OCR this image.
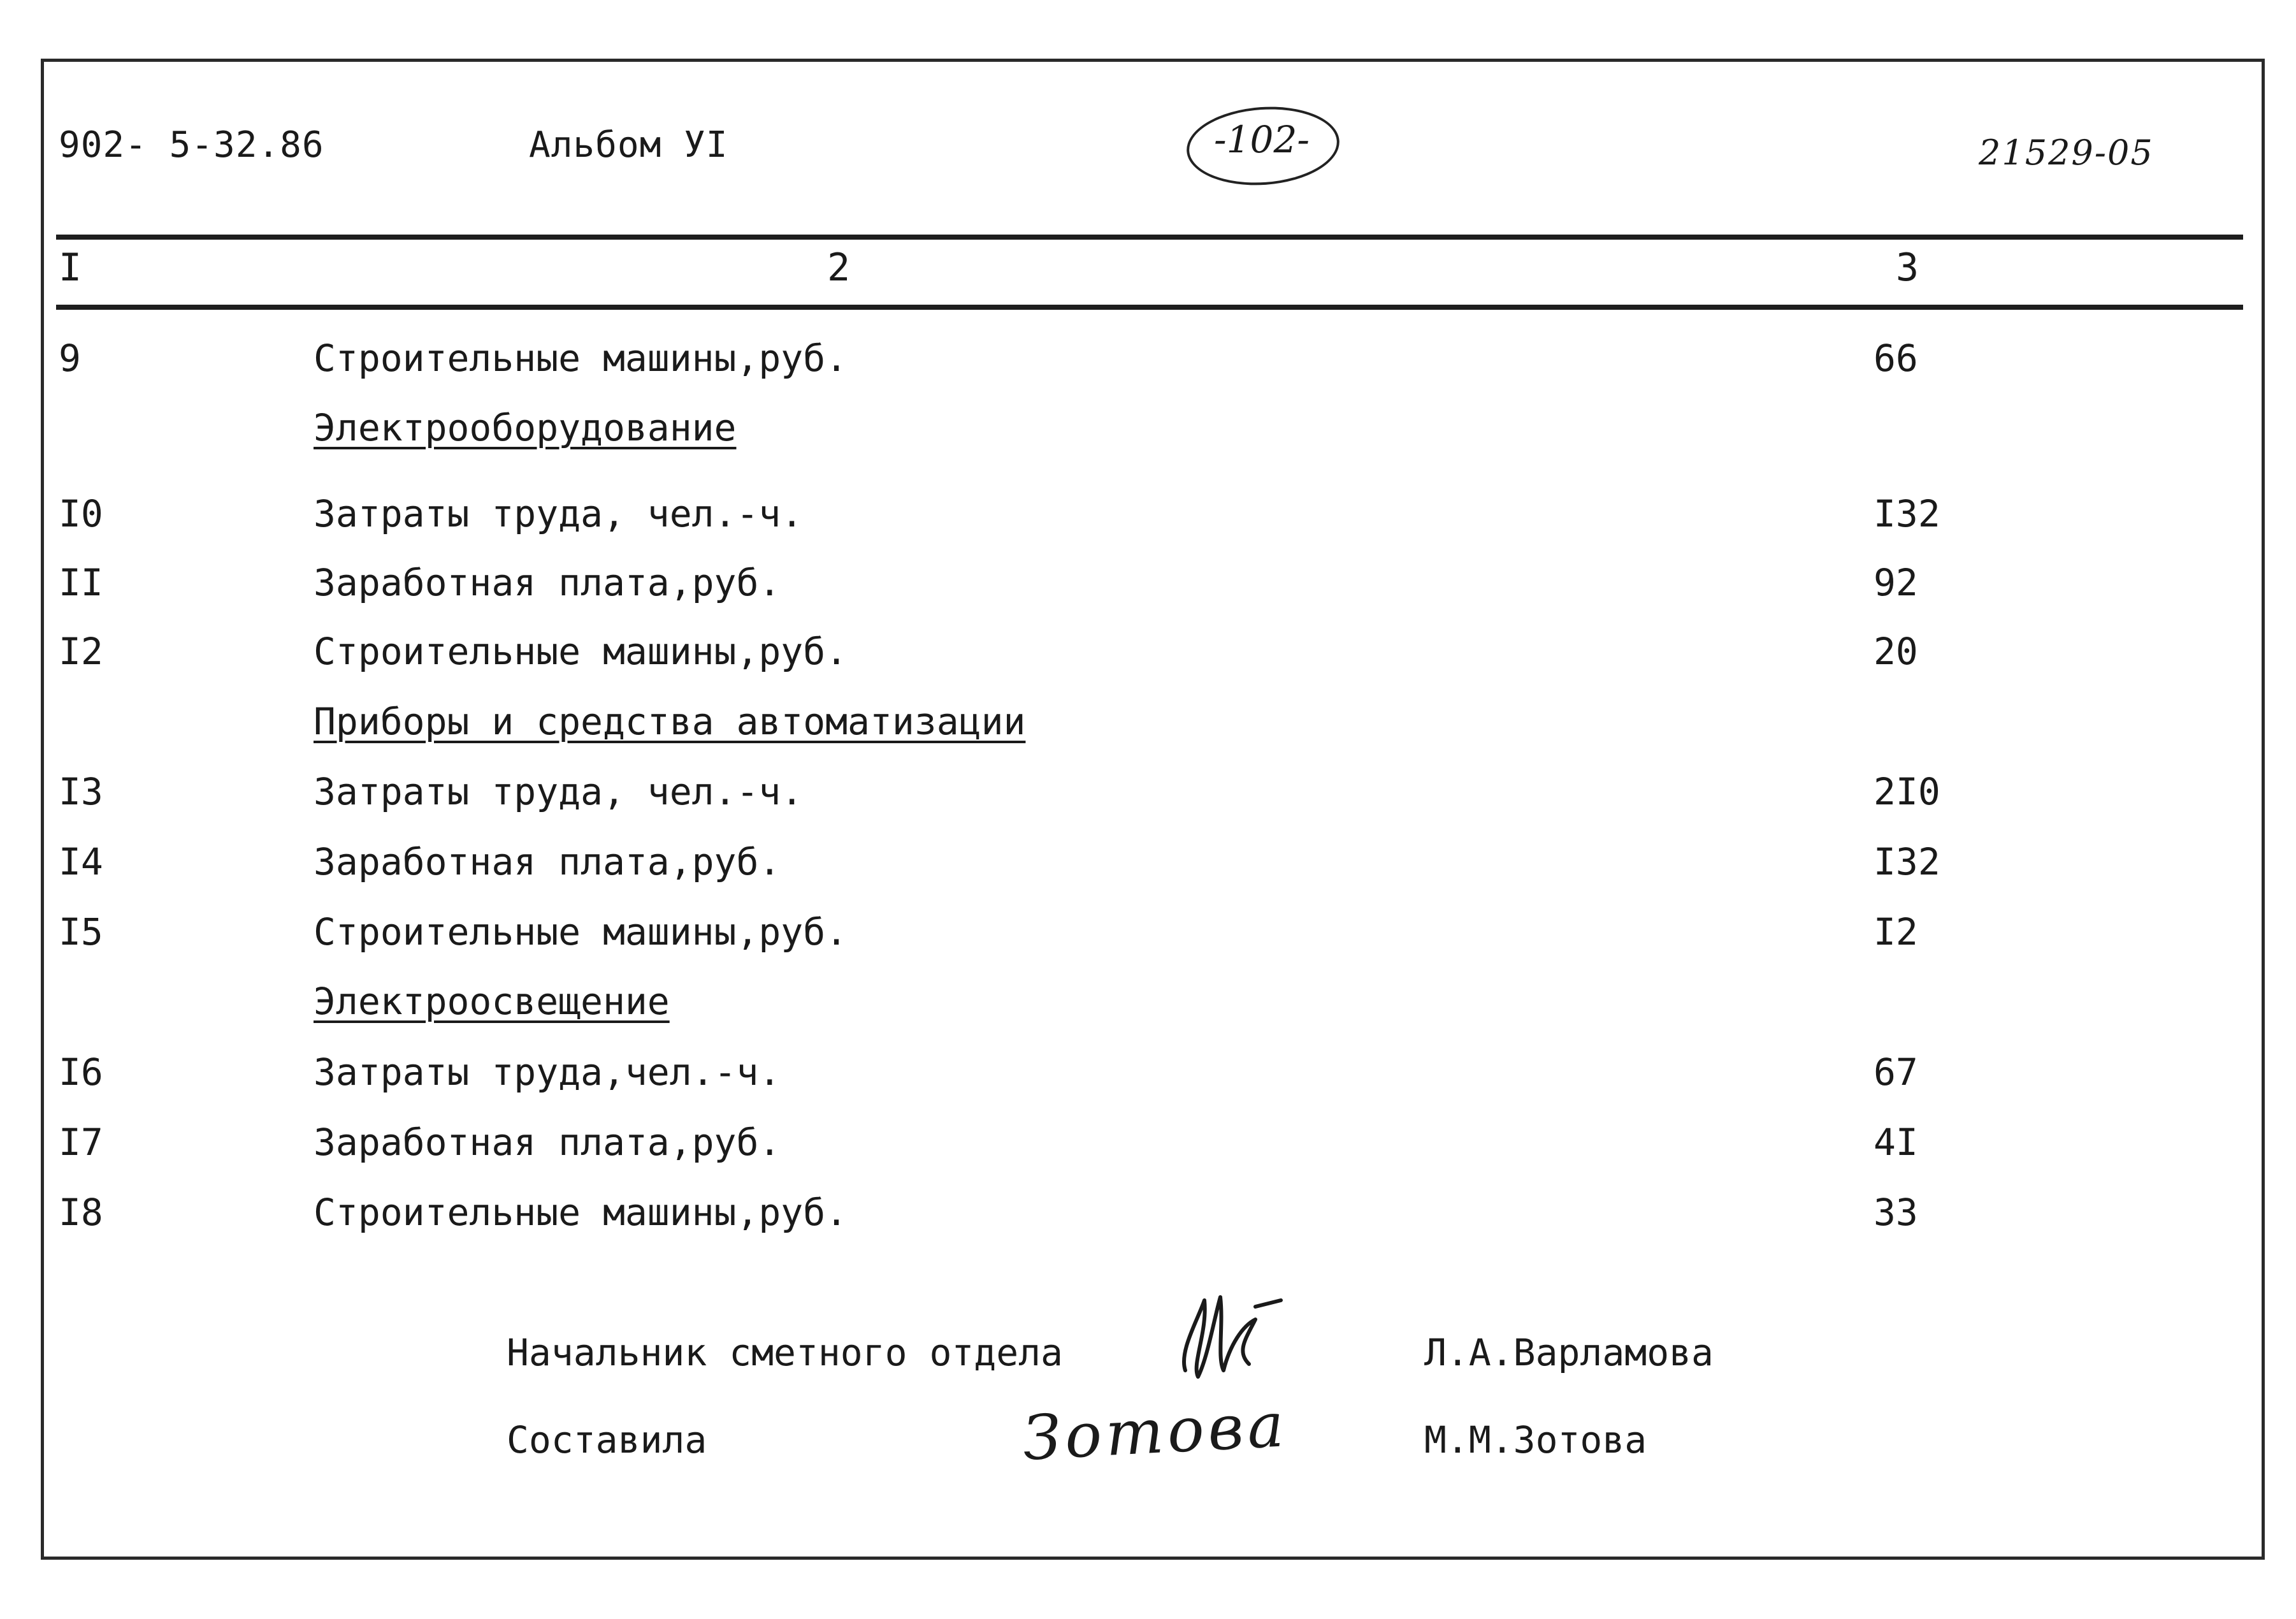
902- 5-32.86	Альбом УI	-102-	21529-05
I	2	3
9	Строительные машины,руб.	66
Электрооборудование
I0	Затраты труда, чел.-ч.	I32
II	Заработная плата,руб.	92
I2	Строительные машины,руб.	20
Приборы и средства автоматизации
I3	Затраты труда, чел.-ч.	2I0
I4	Заработная плата,руб.	I32
I5	Строительные машины,руб.	I2
Электроосвещение
I6	Затраты труда,чел.-ч.	67
I7	Заработная плата,руб.	4I
I8	Строительные машины,руб.	33
Начальник сметного отдела	Л.А.Варламова
Составила	Зотова	М.М.Зотова
